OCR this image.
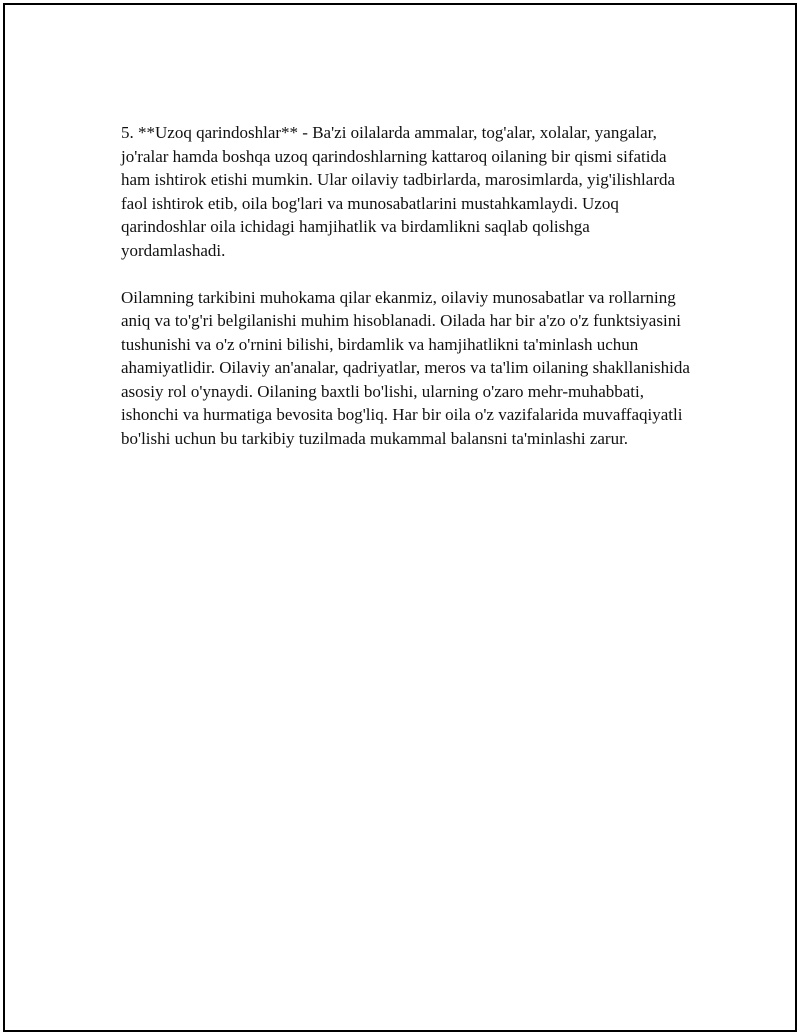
5. **Uzoq qarindoshlar** - Ba'zi oilalarda ammalar, tog'alar, xolalar, yangalar, jo'ralar hamda boshqa uzoq qarindoshlarning kattaroq oilaning bir qismi sifatida ham ishtirok etishi mumkin. Ular oilaviy tadbirlarda, marosimlarda, yig'ilishlarda faol ishtirok etib, oila bog'lari va munosabatlarini mustahkamlaydi. Uzoq qarindoshlar oila ichidagi hamjihatlik va birdamlikni saqlab qolishga yordamlashadi.

Oilamning tarkibini muhokama qilar ekanmiz, oilaviy munosabatlar va rollarning aniq va to'g'ri belgilanishi muhim hisoblanadi. Oilada har bir a'zo o'z funktsiyasini tushunishi va o'z o'rnini bilishi, birdamlik va hamjihatlikni ta'minlash uchun ahamiyatlidir. Oilaviy an'analar, qadriyatlar, meros va ta'lim oilaning shakllanishida asosiy rol o'ynaydi. Oilaning baxtli bo'lishi, ularning o'zaro mehr-muhabbati, ishonchi va hurmatiga bevosita bog'liq. Har bir oila o'z vazifalarida muvaffaqiyatli bo'lishi uchun bu tarkibiy tuzilmada mukammal balansni ta'minlashi zarur.
